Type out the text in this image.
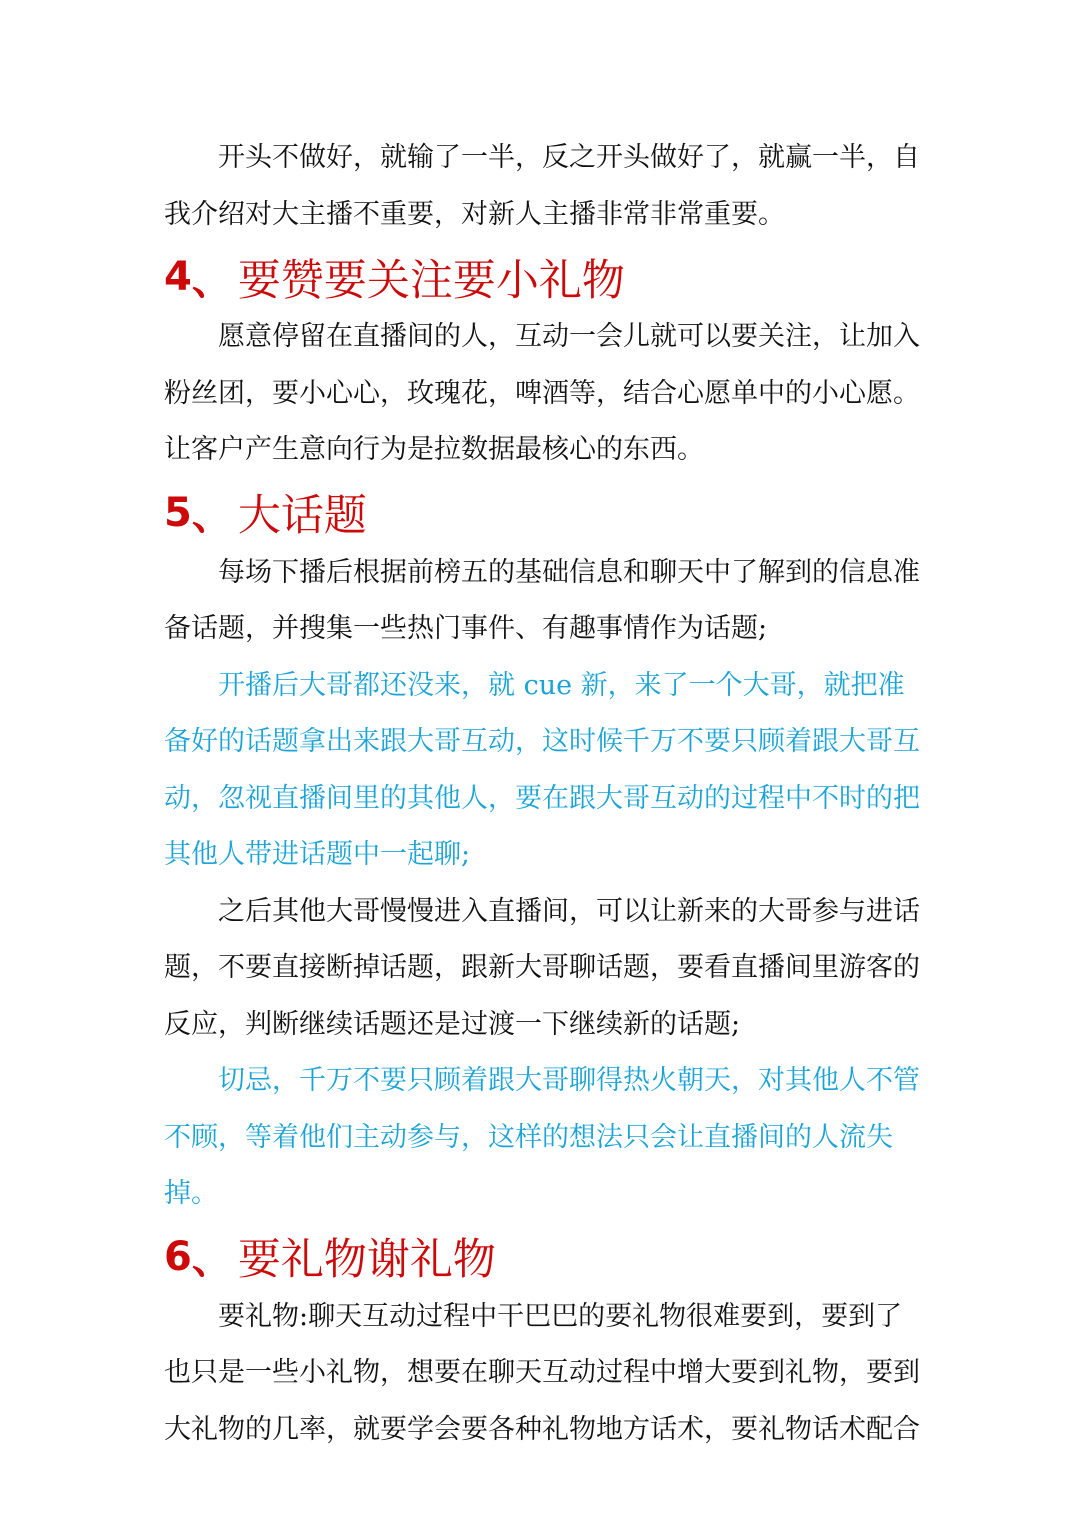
开头不做好，就输了一半，反之开头做好了，就赢一半，自我介绍对大主播不重要，对新人主播非常非常重要。

4 、 要赞要关注要小礼物

愿意停留在直播间的人，互动一会儿就可以要关注，让加入粉丝团，要小心心，玫瑰花，啤酒等，结合心愿单中的小心愿。让客户产生意向行为是拉数据最核心的东西。

5 、 大话题

每场下播后根据前榜五的基础信息和聊天中了解到的信息准备话题，并搜集一些热门事件、有趣事情作为话题;

开播后大哥都还没来，就 cue 新，来了一个大哥，就把准备好的话题拿出来跟大哥互动，这时候千万不要只顾着跟大哥互动，忽视直播间里的其他人，要在跟大哥互动的过程中不时的把其他人带进话题中一起聊;

之后其他大哥慢慢进入直播间，可以让新来的大哥参与进话题，不要直接断掉话题，跟新大哥聊话题，要看直播间里游客的反应，判断继续话题还是过渡一下继续新的话题;

切忌，千万不要只顾着跟大哥聊得热火朝天，对其他人不管不顾，等着他们主动参与，这样的想法只会让直播间的人流失掉。

6 、 要礼物谢礼物

要礼物:聊天互动过程中干巴巴的要礼物很难要到，要到了也只是一些小礼物，想要在聊天互动过程中增大要到礼物，要到大礼物的几率，就要学会要各种礼物地方话术，要礼物话术配合
